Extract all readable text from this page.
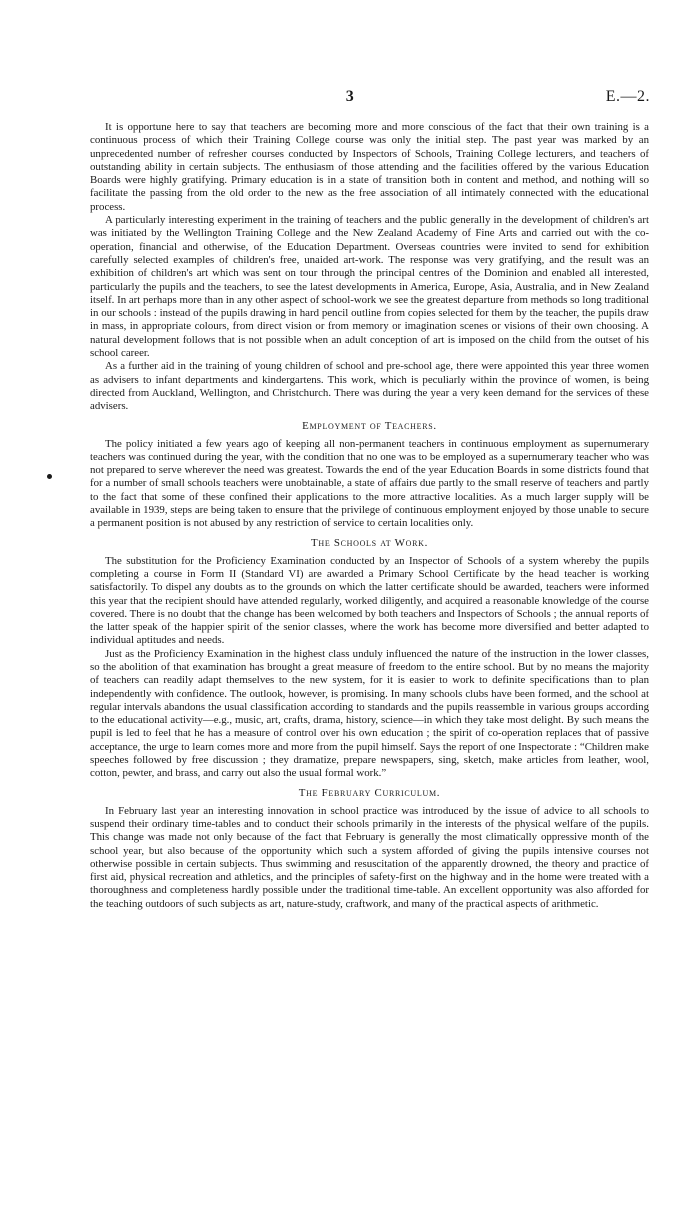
3	E.—2.

It is opportune here to say that teachers are becoming more and more conscious of the fact that their own training is a continuous process of which their Training College course was only the initial step. The past year was marked by an unprecedented number of refresher courses conducted by Inspectors of Schools, Training College lecturers, and teachers of outstanding ability in certain subjects. The enthusiasm of those attending and the facilities offered by the various Education Boards were highly gratifying. Primary education is in a state of transition both in content and method, and nothing will so facilitate the passing from the old order to the new as the free association of all intimately connected with the educational process.

A particularly interesting experiment in the training of teachers and the public generally in the development of children's art was initiated by the Wellington Training College and the New Zealand Academy of Fine Arts and carried out with the co-operation, financial and otherwise, of the Education Department. Overseas countries were invited to send for exhibition carefully selected examples of children's free, unaided art-work. The response was very gratifying, and the result was an exhibition of children's art which was sent on tour through the principal centres of the Dominion and enabled all interested, particularly the pupils and the teachers, to see the latest developments in America, Europe, Asia, Australia, and in New Zealand itself. In art perhaps more than in any other aspect of school-work we see the greatest departure from methods so long traditional in our schools : instead of the pupils drawing in hard pencil outline from copies selected for them by the teacher, the pupils draw in mass, in appropriate colours, from direct vision or from memory or imagination scenes or visions of their own choosing. A natural development follows that is not possible when an adult conception of art is imposed on the child from the outset of his school career.

As a further aid in the training of young children of school and pre-school age, there were appointed this year three women as advisers to infant departments and kindergartens. This work, which is peculiarly within the province of women, is being directed from Auckland, Wellington, and Christchurch. There was during the year a very keen demand for the services of these advisers.

Employment of Teachers.

The policy initiated a few years ago of keeping all non-permanent teachers in continuous employment as supernumerary teachers was continued during the year, with the condition that no one was to be employed as a supernumerary teacher who was not prepared to serve wherever the need was greatest. Towards the end of the year Education Boards in some districts found that for a number of small schools teachers were unobtainable, a state of affairs due partly to the small reserve of teachers and partly to the fact that some of these confined their applications to the more attractive localities. As a much larger supply will be available in 1939, steps are being taken to ensure that the privilege of continuous employment enjoyed by those unable to secure a permanent position is not abused by any restriction of service to certain localities only.

The Schools at Work.

The substitution for the Proficiency Examination conducted by an Inspector of Schools of a system whereby the pupils completing a course in Form II (Standard VI) are awarded a Primary School Certificate by the head teacher is working satisfactorily. To dispel any doubts as to the grounds on which the latter certificate should be awarded, teachers were informed this year that the recipient should have attended regularly, worked diligently, and acquired a reasonable knowledge of the course covered. There is no doubt that the change has been welcomed by both teachers and Inspectors of Schools ; the annual reports of the latter speak of the happier spirit of the senior classes, where the work has become more diversified and better adapted to individual aptitudes and needs.

Just as the Proficiency Examination in the highest class unduly influenced the nature of the instruction in the lower classes, so the abolition of that examination has brought a great measure of freedom to the entire school. But by no means the majority of teachers can readily adapt themselves to the new system, for it is easier to work to definite specifications than to plan independently with confidence. The outlook, however, is promising. In many schools clubs have been formed, and the school at regular intervals abandons the usual classification according to standards and the pupils reassemble in various groups according to the educational activity—e.g., music, art, crafts, drama, history, science—in which they take most delight. By such means the pupil is led to feel that he has a measure of control over his own education ; the spirit of co-operation replaces that of passive acceptance, the urge to learn comes more and more from the pupil himself. Says the report of one Inspectorate : “Children make speeches followed by free discussion ; they dramatize, prepare newspapers, sing, sketch, make articles from leather, wool, cotton, pewter, and brass, and carry out also the usual formal work.”

The February Curriculum.

In February last year an interesting innovation in school practice was introduced by the issue of advice to all schools to suspend their ordinary time-tables and to conduct their schools primarily in the interests of the physical welfare of the pupils. This change was made not only because of the fact that February is generally the most climatically oppressive month of the school year, but also because of the opportunity which such a system afforded of giving the pupils intensive courses not otherwise possible in certain subjects. Thus swimming and resuscitation of the apparently drowned, the theory and practice of first aid, physical recreation and athletics, and the principles of safety-first on the highway and in the home were treated with a thoroughness and completeness hardly possible under the traditional time-table. An excellent opportunity was also afforded for the teaching outdoors of such subjects as art, nature-study, craftwork, and many of the practical aspects of arithmetic.
